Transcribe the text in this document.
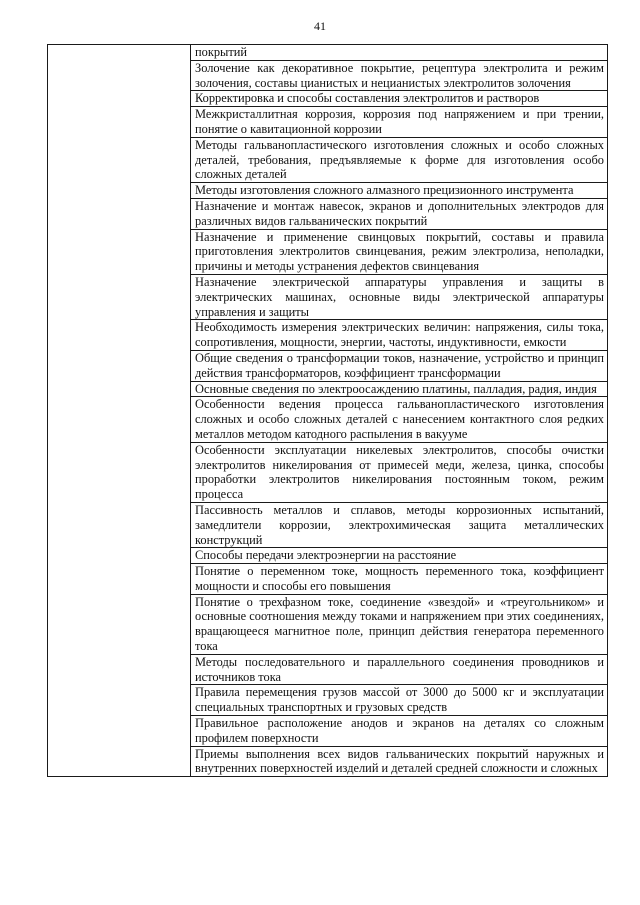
41

покрытий

Золочение как декоративное покрытие, рецептура электролита и режим золочения, составы цианистых и нецианистых электролитов золочения

Корректировка и способы составления электролитов и растворов

Межкристаллитная коррозия, коррозия под напряжением и при трении, понятие о кавитационной коррозии

Методы гальванопластического изготовления сложных и особо сложных деталей, требования, предъявляемые к форме для изготовления особо сложных деталей

Методы изготовления сложного алмазного прецизионного инструмента

Назначение и монтаж навесок, экранов и дополнительных электродов для различных видов гальванических покрытий

Назначение и применение свинцовых покрытий, составы и правила приготовления электролитов свинцевания, режим электролиза, неполадки, причины и методы устранения дефектов свинцевания

Назначение электрической аппаратуры управления и защиты в электрических машинах, основные виды электрической аппаратуры управления и защиты

Необходимость измерения электрических величин: напряжения, силы тока, сопротивления, мощности, энергии, частоты, индуктивности, емкости

Общие сведения о трансформации токов, назначение, устройство и принцип действия трансформаторов, коэффициент трансформации

Основные сведения по электроосаждению платины, палладия, радия, индия

Особенности ведения процесса гальванопластического изготовления сложных и особо сложных деталей с нанесением контактного слоя редких металлов методом катодного распыления в вакууме

Особенности эксплуатации никелевых электролитов, способы очистки электролитов никелирования от примесей меди, железа, цинка, способы проработки электролитов никелирования постоянным током, режим процесса

Пассивность металлов и сплавов, методы коррозионных испытаний, замедлители коррозии, электрохимическая защита металлических конструкций

Способы передачи электроэнергии на расстояние

Понятие о переменном токе, мощность переменного тока, коэффициент мощности и способы его повышения

Понятие о трехфазном токе, соединение «звездой» и «треугольником» и основные соотношения между токами и напряжением при этих соединениях, вращающееся магнитное поле, принцип действия генератора переменного тока

Методы последовательного и параллельного соединения проводников и источников тока

Правила перемещения грузов массой от 3000 до 5000 кг и эксплуатации специальных транспортных и грузовых средств

Правильное расположение анодов и экранов на деталях со сложным профилем поверхности

Приемы выполнения всех видов гальванических покрытий наружных и внутренних поверхностей изделий и деталей средней сложности и сложных
